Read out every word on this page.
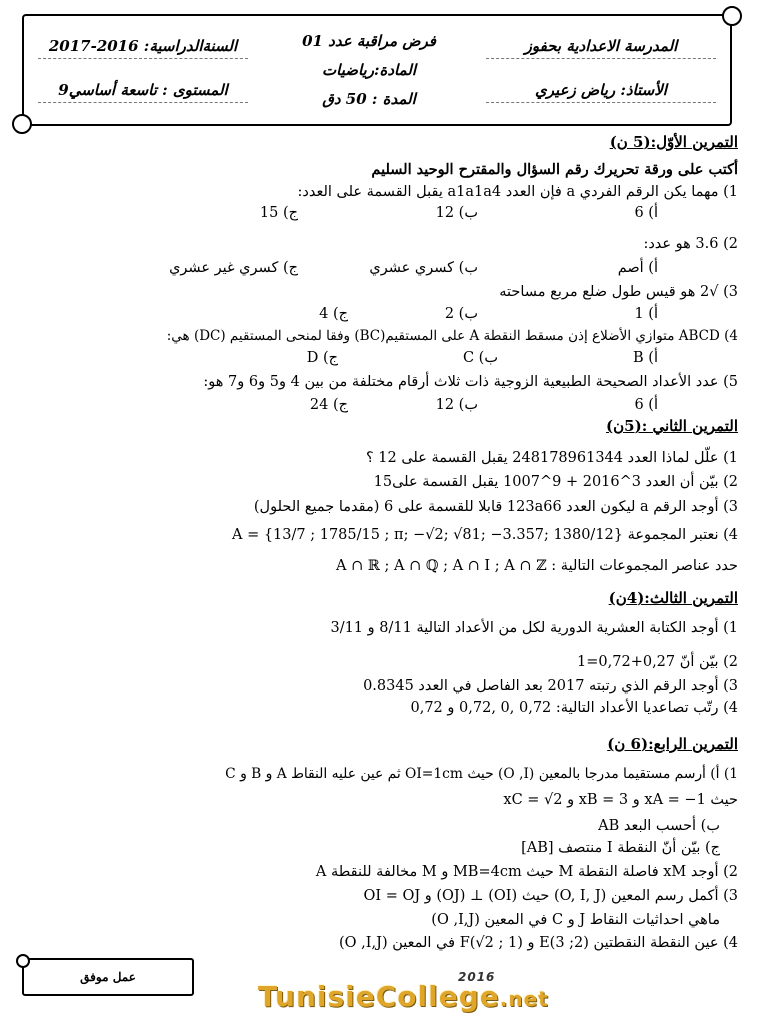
المدرسة الاعدادية بحفوز
الأستاذ: رياض زعيري
فرض مراقبة عدد 01
المادة:رياضيات
المدة : 50 دق
السنةالدراسية: 2016-2017
المستوى : تاسعة أساسي9
التمرين الأوّل:(5 ن)
أكتب على ورقة تحريرك رقم السؤال والمقترح الوحيد السليم
1) مهما يكن الرقم الفردي a فإن العدد a1a1a4 يقبل القسمة على العدد:
أ) 6
ب) 12
ج) 15
2) 3.6 هو عدد:
أ) أصم
ب) كسري عشري
ج) كسري غير عشري
3) √2 هو قيس طول ضلع مربع مساحته
أ) 1
ب) 2
ج) 4
4) ABCD متوازي الأضلاع إذن مسقط النقطة A على المستقيم(BC) وفقا لمنحى المستقيم (DC) هي:
أ) B
ب) C
ج) D
5) عدد الأعداد الصحيحة الطبيعية الزوجية ذات ثلاث أرقام مختلفة من بين 4 و5 و6 و7 هو:
أ) 6
ب) 12
ج) 24
التمرين الثاني :(5ن)
1) علّل لماذا العدد 248178961344 يقبل القسمة على 12 ؟
2) بيّن أن العدد 3^2016 + 9^1007 يقبل القسمة على15
3) أوجد الرقم a ليكون العدد 123a66 قابلا للقسمة على 6 (مقدما جميع الحلول)
4) نعتبر المجموعة A = {13/7 ; 1785/15 ; π; −√2; √81; −3.357; 1380/12}
حدد عناصر المجموعات التالية : A ∩ ℝ ; A ∩ ℚ ; A ∩ I ; A ∩ ℤ
التمرين الثالث:(4ن)
1) أوجد الكتابة العشرية الدورية لكل من الأعداد التالية 8/11 و 3/11
2) بيّن أنّ 0,27+0,72=1
3) أوجد الرقم الذي رتبته 2017 بعد الفاصل في العدد 0.8345
4) رتّب تصاعديا الأعداد التالية: 0,72 ,0 ,0,72 و 0,72
التمرين الرابع:(6 ن)
1) أ) أرسم مستقيما مدرجا بالمعين (O ,I) حيث OI=1cm ثم عين عليه النقاط A و B و C
حيث xA = −1 و xB = 3 و xC = √2
ب) أحسب البعد AB
ج) بيّن أنّ النقطة I منتصف [AB]
2) أوجد xM فاصلة النقطة M حيث MB=4cm و M مخالفة للنقطة A
3) أكمل رسم المعين (O, I, J) حيث (OI) ⊥ (OJ) و OI = OJ
ماهي احداثيات النقاط J و C في المعين (O ,I,J)
4) عين النقطة النقطتين E(3 ;2) و F(√2 ; 1) في المعين (O ,I,J)
عمل موفق
TunisieCollege.net
2016
